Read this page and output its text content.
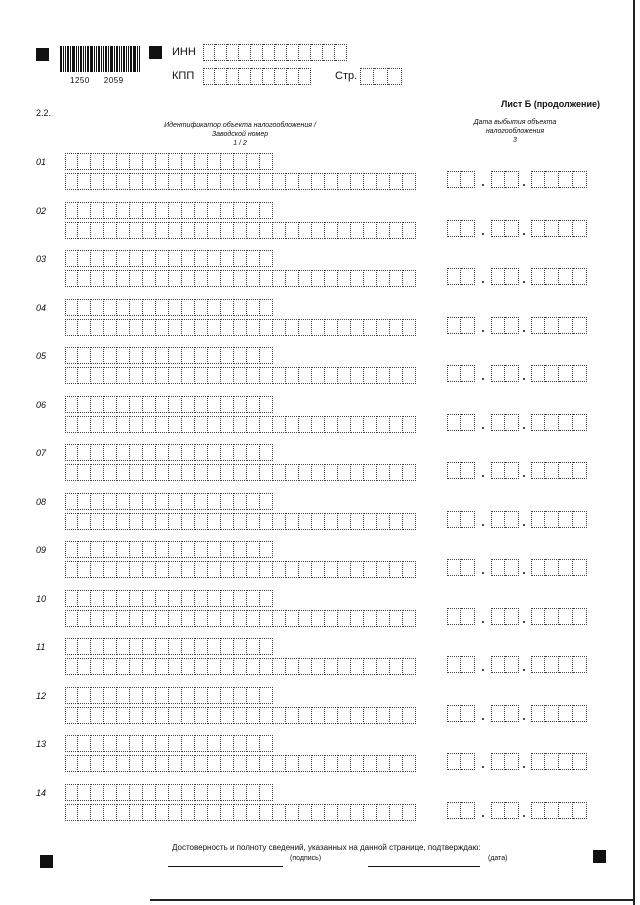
1250 2059
ИНН
КПП	Стр.
2.2.
Лист Б (продолжение)
Идентификатор объекта налогообложения /
Заводской номер
1 / 2
Дата выбытия объекта
налогообложения
3
01
02
03
04
05
06
07
08
09
10
11
12
13
14
Достоверность и полноту сведений, указанных на данной странице, подтверждаю:
(подпись)	(дата)
